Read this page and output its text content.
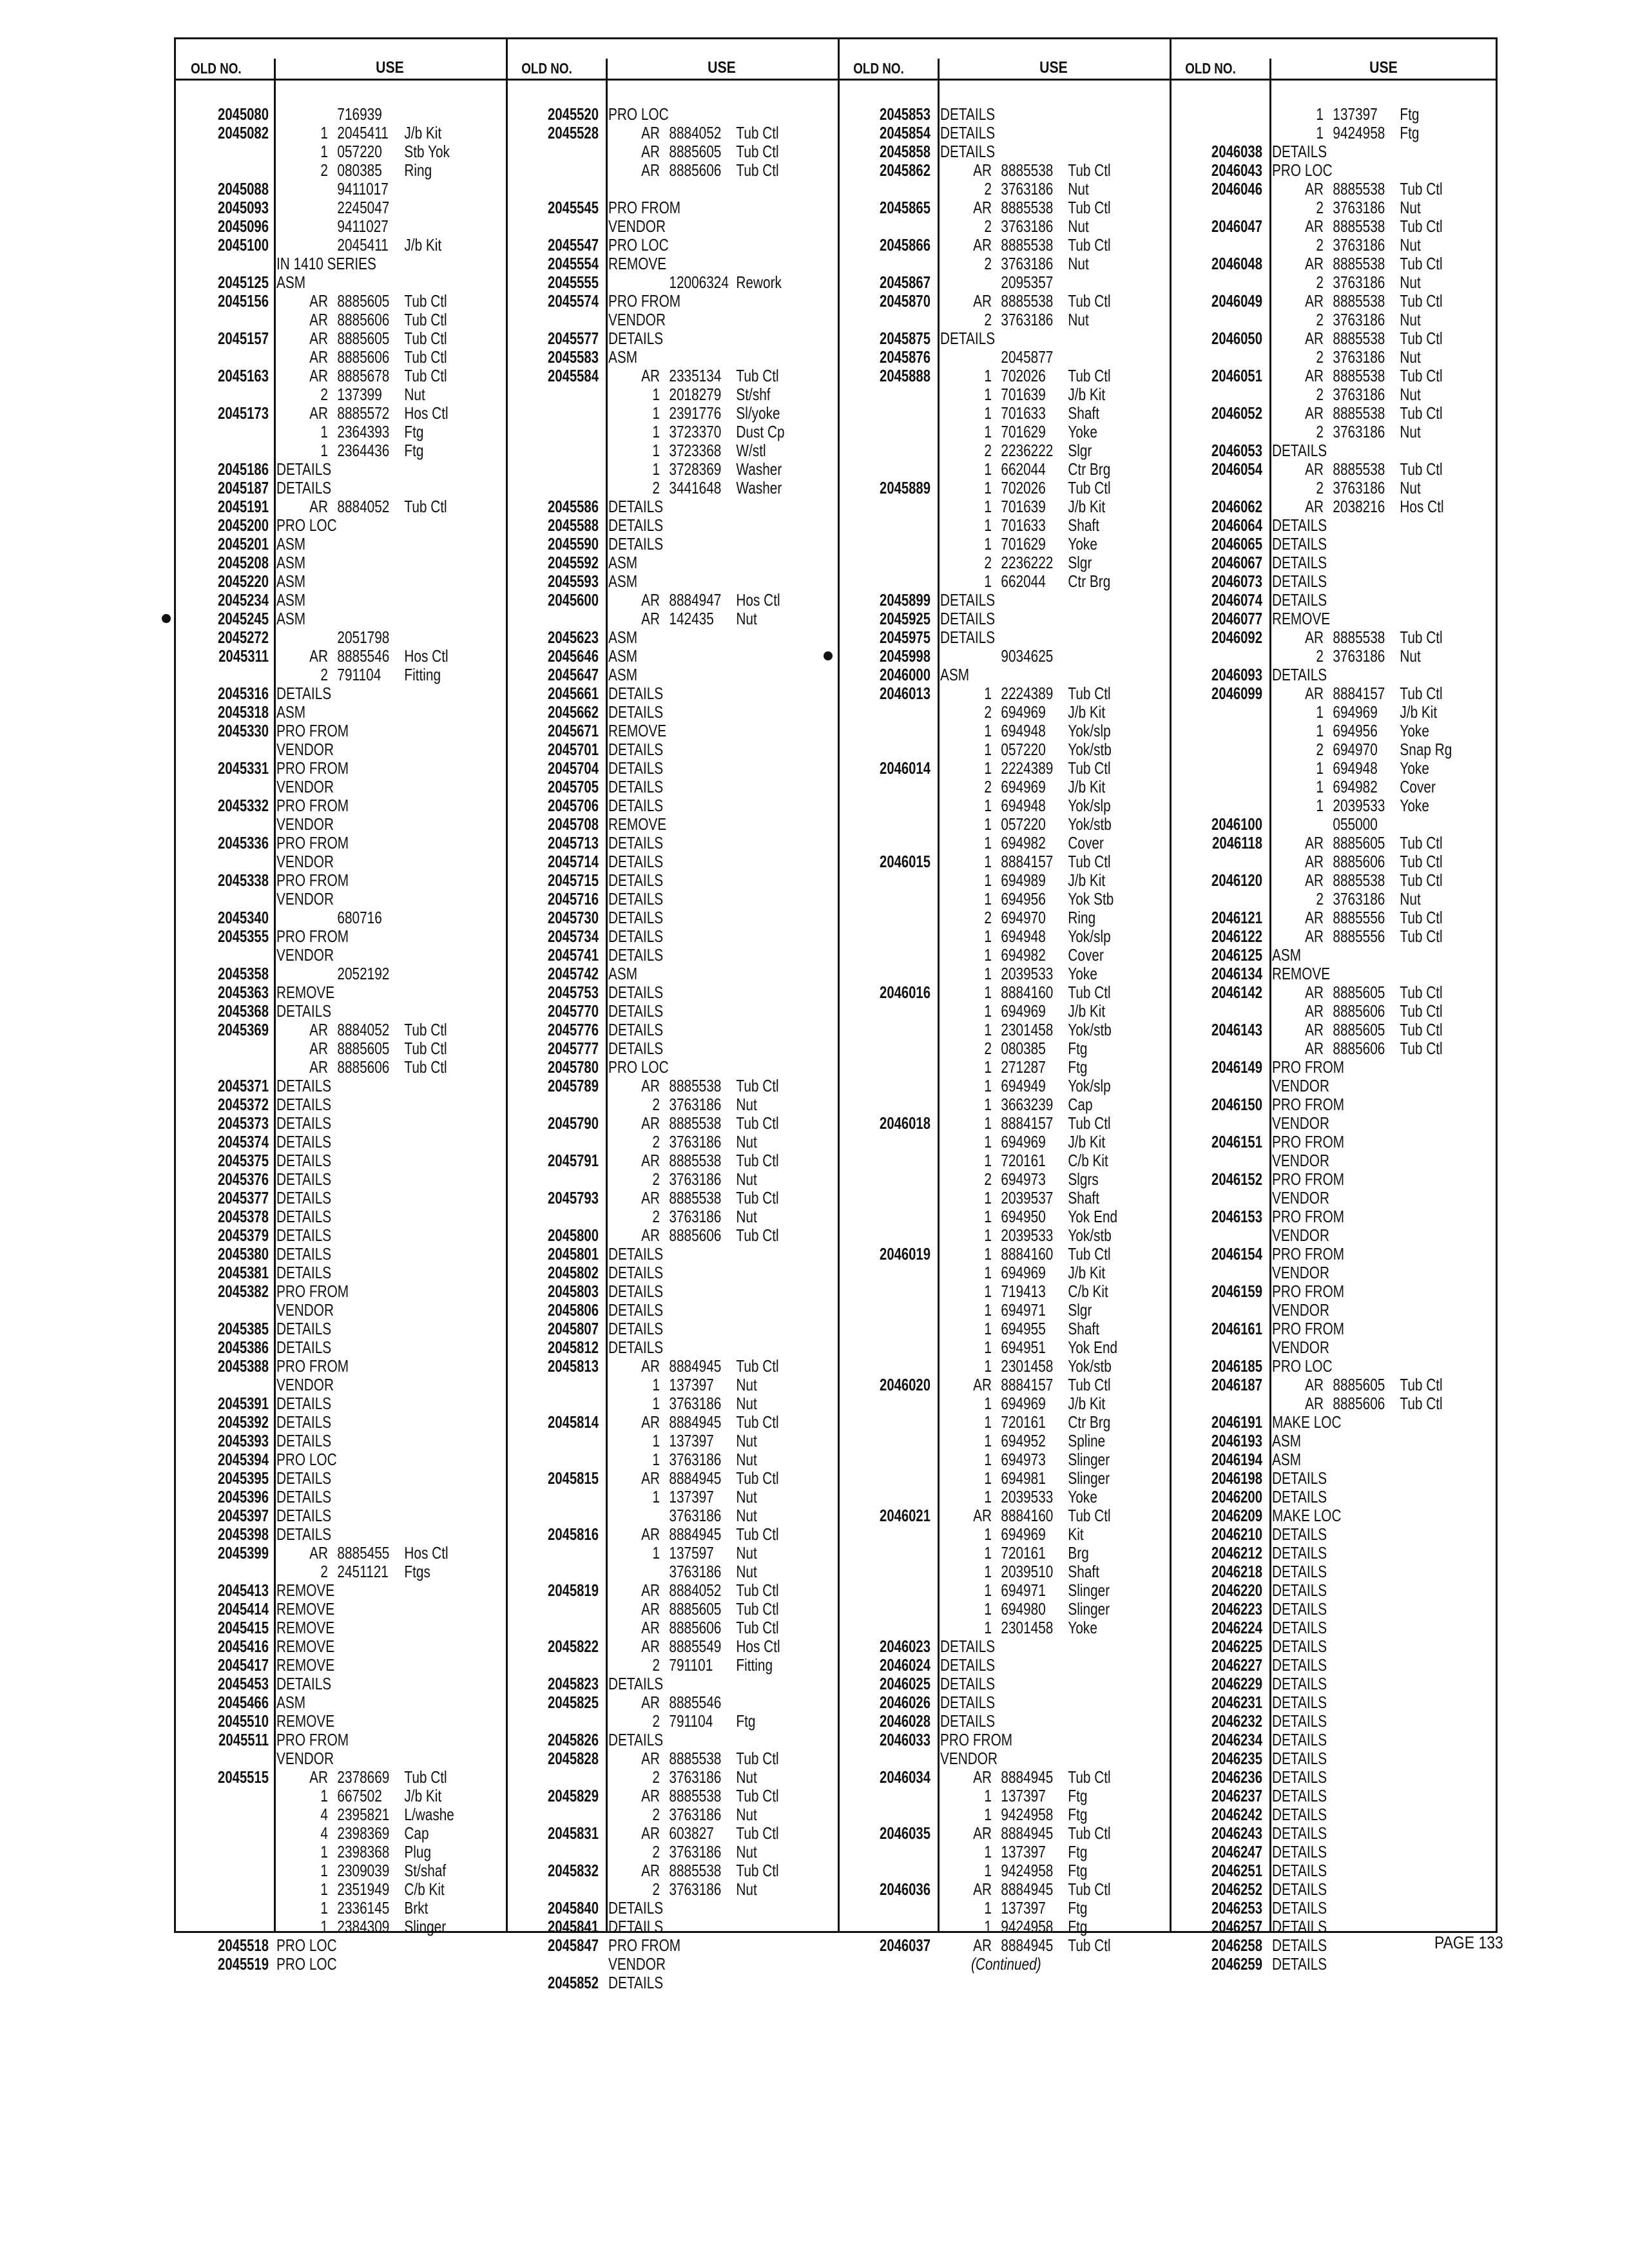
OLD NO.	USE
2045080	716939
2045082	1 2045411 J/b Kit
1 057220 Stb Yok
2 080385 Ring
2045088	9411017
2045093	2245047
2045096	9411027
2045100	2045411 J/b Kit
IN 1410 SERIES
2045125 ASM
2045156	AR 8885605 Tub Ctl
AR 8885606 Tub Ctl
2045157	AR 8885605 Tub Ctl
AR 8885606 Tub Ctl
2045163	AR 8885678 Tub Ctl
2 137399 Nut
2045173	AR 8885572 Hos Ctl
1 2364393 Ftg
1 2364436 Ftg
2045186 DETAILS
2045187 DETAILS
2045191	AR 8884052 Tub Ctl
2045200 PRO LOC
2045201 ASM
2045208 ASM
2045220 ASM
2045234 ASM
2045245 ASM
2045272	2051798
2045311	AR 8885546 Hos Ctl
2 791104 Fitting
2045316 DETAILS
2045318 ASM
2045330 PRO FROM
VENDOR
2045331 PRO FROM
VENDOR
2045332 PRO FROM
VENDOR
2045336 PRO FROM
VENDOR
2045338 PRO FROM
VENDOR
2045340	680716
2045355 PRO FROM
VENDOR
2045358	2052192
2045363 REMOVE
2045368 DETAILS
2045369	AR 8884052 Tub Ctl
AR 8885605 Tub Ctl
AR 8885606 Tub Ctl
2045371 DETAILS
2045372 DETAILS
2045373 DETAILS
2045374 DETAILS
2045375 DETAILS
2045376 DETAILS
2045377 DETAILS
2045378 DETAILS
2045379 DETAILS
2045380 DETAILS
2045381 DETAILS
2045382 PRO FROM
VENDOR
2045385 DETAILS
2045386 DETAILS
2045388 PRO FROM
VENDOR
2045391 DETAILS
2045392 DETAILS
2045393 DETAILS
2045394 PRO LOC
2045395 DETAILS
2045396 DETAILS
2045397 DETAILS
2045398 DETAILS
2045399	AR 8885455 Hos Ctl
2 2451121 Ftgs
2045413 REMOVE
2045414 REMOVE
2045415 REMOVE
2045416 REMOVE
2045417 REMOVE
2045453 DETAILS
2045466 ASM
2045510 REMOVE
2045511 PRO FROM
VENDOR
2045515	AR 2378669 Tub Ctl
1 667502 J/b Kit
4 2395821 L/washe
4 2398369 Cap
1 2398368 Plug
1 2309039 St/shaf
1 2351949 C/b Kit
1 2336145 Brkt
1 2384309 Slinger
2045518 PRO LOC
2045519 PRO LOC
OLD NO.	USE
2045520 PRO LOC
2045528	AR 8884052 Tub Ctl
AR 8885605 Tub Ctl
AR 8885606 Tub Ctl
2045545 PRO FROM
VENDOR
2045547 PRO LOC
2045554 REMOVE
2045555	12006324 Rework
2045574 PRO FROM
VENDOR
2045577 DETAILS
2045583 ASM
2045584	AR 2335134 Tub Ctl
1 2018279 St/shf
1 2391776 Sl/yoke
1 3723370 Dust Cp
1 3723368 W/stl
1 3728369 Washer
2 3441648 Washer
2045586 DETAILS
2045588 DETAILS
2045590 DETAILS
2045592 ASM
2045593 ASM
2045600	AR 8884947 Hos Ctl
AR 142435 Nut
2045623 ASM
2045646 ASM
2045647 ASM
2045661 DETAILS
2045662 DETAILS
2045671 REMOVE
2045701 DETAILS
2045704 DETAILS
2045705 DETAILS
2045706 DETAILS
2045708 REMOVE
2045713 DETAILS
2045714 DETAILS
2045715 DETAILS
2045716 DETAILS
2045730 DETAILS
2045734 DETAILS
2045741 DETAILS
2045742 ASM
2045753 DETAILS
2045770 DETAILS
2045776 DETAILS
2045777 DETAILS
2045780 PRO LOC
2045789	AR 8885538 Tub Ctl
2 3763186 Nut
2045790	AR 8885538 Tub Ctl
2 3763186 Nut
2045791	AR 8885538 Tub Ctl
2 3763186 Nut
2045793	AR 8885538 Tub Ctl
2 3763186 Nut
2045800	AR 8885606 Tub Ctl
2045801 DETAILS
2045802 DETAILS
2045803 DETAILS
2045806 DETAILS
2045807 DETAILS
2045812 DETAILS
2045813	AR 8884945 Tub Ctl
1 137397 Nut
1 3763186 Nut
2045814	AR 8884945 Tub Ctl
1 137397 Nut
1 3763186 Nut
2045815	AR 8884945 Tub Ctl
1 137397 Nut
3763186 Nut
2045816	AR 8884945 Tub Ctl
1 137597 Nut
3763186 Nut
2045819	AR 8884052 Tub Ctl
AR 8885605 Tub Ctl
AR 8885606 Tub Ctl
2045822	AR 8885549 Hos Ctl
2 791101 Fitting
2045823 DETAILS
2045825	AR 8885546
2 791104 Ftg
2045826 DETAILS
2045828	AR 8885538 Tub Ctl
2 3763186 Nut
2045829	AR 8885538 Tub Ctl
2 3763186 Nut
2045831	AR 603827 Tub Ctl
2 3763186 Nut
2045832	AR 8885538 Tub Ctl
2 3763186 Nut
2045840 DETAILS
2045841 DETAILS
2045847 PRO FROM
VENDOR
2045852 DETAILS
OLD NO.	USE
2045853 DETAILS
2045854 DETAILS
2045858 DETAILS
2045862	AR 8885538 Tub Ctl
2 3763186 Nut
2045865	AR 8885538 Tub Ctl
2 3763186 Nut
2045866	AR 8885538 Tub Ctl
2 3763186 Nut
2045867	2095357
2045870	AR 8885538 Tub Ctl
2 3763186 Nut
2045875 DETAILS
2045876	2045877
2045888	1 702026 Tub Ctl
1 701639 J/b Kit
1 701633 Shaft
1 701629 Yoke
2 2236222 Slgr
1 662044 Ctr Brg
2045889	1 702026 Tub Ctl
1 701639 J/b Kit
1 701633 Shaft
1 701629 Yoke
2 2236222 Slgr
1 662044 Ctr Brg
2045899 DETAILS
2045925 DETAILS
2045975 DETAILS
2045998	9034625
2046000 ASM
2046013	1 2224389 Tub Ctl
2 694969 J/b Kit
1 694948 Yok/slp
1 057220 Yok/stb
2046014	1 2224389 Tub Ctl
2 694969 J/b Kit
1 694948 Yok/slp
1 057220 Yok/stb
1 694982 Cover
2046015	1 8884157 Tub Ctl
1 694989 J/b Kit
1 694956 Yok Stb
2 694970 Ring
1 694948 Yok/slp
1 694982 Cover
1 2039533 Yoke
2046016	1 8884160 Tub Ctl
1 694969 J/b Kit
1 2301458 Yok/stb
2 080385 Ftg
1 271287 Ftg
1 694949 Yok/slp
1 3663239 Cap
2046018	1 8884157 Tub Ctl
1 694969 J/b Kit
1 720161 C/b Kit
2 694973 Slgrs
1 2039537 Shaft
1 694950 Yok End
1 2039533 Yok/stb
2046019	1 8884160 Tub Ctl
1 694969 J/b Kit
1 719413 C/b Kit
1 694971 Slgr
1 694955 Shaft
1 694951 Yok End
1 2301458 Yok/stb
2046020	AR 8884157 Tub Ctl
1 694969 J/b Kit
1 720161 Ctr Brg
1 694952 Spline
1 694973 Slinger
1 694981 Slinger
1 2039533 Yoke
2046021	AR 8884160 Tub Ctl
1 694969 Kit
1 720161 Brg
1 2039510 Shaft
1 694971 Slinger
1 694980 Slinger
1 2301458 Yoke
2046023 DETAILS
2046024 DETAILS
2046025 DETAILS
2046026 DETAILS
2046028 DETAILS
2046033 PRO FROM
VENDOR
2046034	AR 8884945 Tub Ctl
1 137397 Ftg
1 9424958 Ftg
2046035	AR 8884945 Tub Ctl
1 137397 Ftg
1 9424958 Ftg
2046036	AR 8884945 Tub Ctl
1 137397 Ftg
1 9424958 Ftg
2046037	AR 8884945 Tub Ctl
(Continued)
OLD NO.	USE
1 137397 Ftg
1 9424958 Ftg
2046038 DETAILS
2046043 PRO LOC
2046046	AR 8885538 Tub Ctl
2 3763186 Nut
2046047	AR 8885538 Tub Ctl
2 3763186 Nut
2046048	AR 8885538 Tub Ctl
2 3763186 Nut
2046049	AR 8885538 Tub Ctl
2 3763186 Nut
2046050	AR 8885538 Tub Ctl
2 3763186 Nut
2046051	AR 8885538 Tub Ctl
2 3763186 Nut
2046052	AR 8885538 Tub Ctl
2 3763186 Nut
2046053 DETAILS
2046054	AR 8885538 Tub Ctl
2 3763186 Nut
2046062	AR 2038216 Hos Ctl
2046064 DETAILS
2046065 DETAILS
2046067 DETAILS
2046073 DETAILS
2046074 DETAILS
2046077 REMOVE
2046092	AR 8885538 Tub Ctl
2 3763186 Nut
2046093 DETAILS
2046099	AR 8884157 Tub Ctl
1 694969 J/b Kit
1 694956 Yoke
2 694970 Snap Rg
1 694948 Yoke
1 694982 Cover
1 2039533 Yoke
2046100	055000
2046118	AR 8885605 Tub Ctl
AR 8885606 Tub Ctl
2046120	AR 8885538 Tub Ctl
2 3763186 Nut
2046121	AR 8885556 Tub Ctl
2046122	AR 8885556 Tub Ctl
2046125 ASM
2046134 REMOVE
2046142	AR 8885605 Tub Ctl
AR 8885606 Tub Ctl
2046143	AR 8885605 Tub Ctl
AR 8885606 Tub Ctl
2046149 PRO FROM
VENDOR
2046150 PRO FROM
VENDOR
2046151 PRO FROM
VENDOR
2046152 PRO FROM
VENDOR
2046153 PRO FROM
VENDOR
2046154 PRO FROM
VENDOR
2046159 PRO FROM
VENDOR
2046161 PRO FROM
VENDOR
2046185 PRO LOC
2046187	AR 8885605 Tub Ctl
AR 8885606 Tub Ctl
2046191 MAKE LOC
2046193 ASM
2046194 ASM
2046198 DETAILS
2046200 DETAILS
2046209 MAKE LOC
2046210 DETAILS
2046212 DETAILS
2046218 DETAILS
2046220 DETAILS
2046223 DETAILS
2046224 DETAILS
2046225 DETAILS
2046227 DETAILS
2046229 DETAILS
2046231 DETAILS
2046232 DETAILS
2046234 DETAILS
2046235 DETAILS
2046236 DETAILS
2046237 DETAILS
2046242 DETAILS
2046243 DETAILS
2046247 DETAILS
2046251 DETAILS
2046252 DETAILS
2046253 DETAILS
2046257 DETAILS
2046258 DETAILS
2046259 DETAILS
PAGE 133
